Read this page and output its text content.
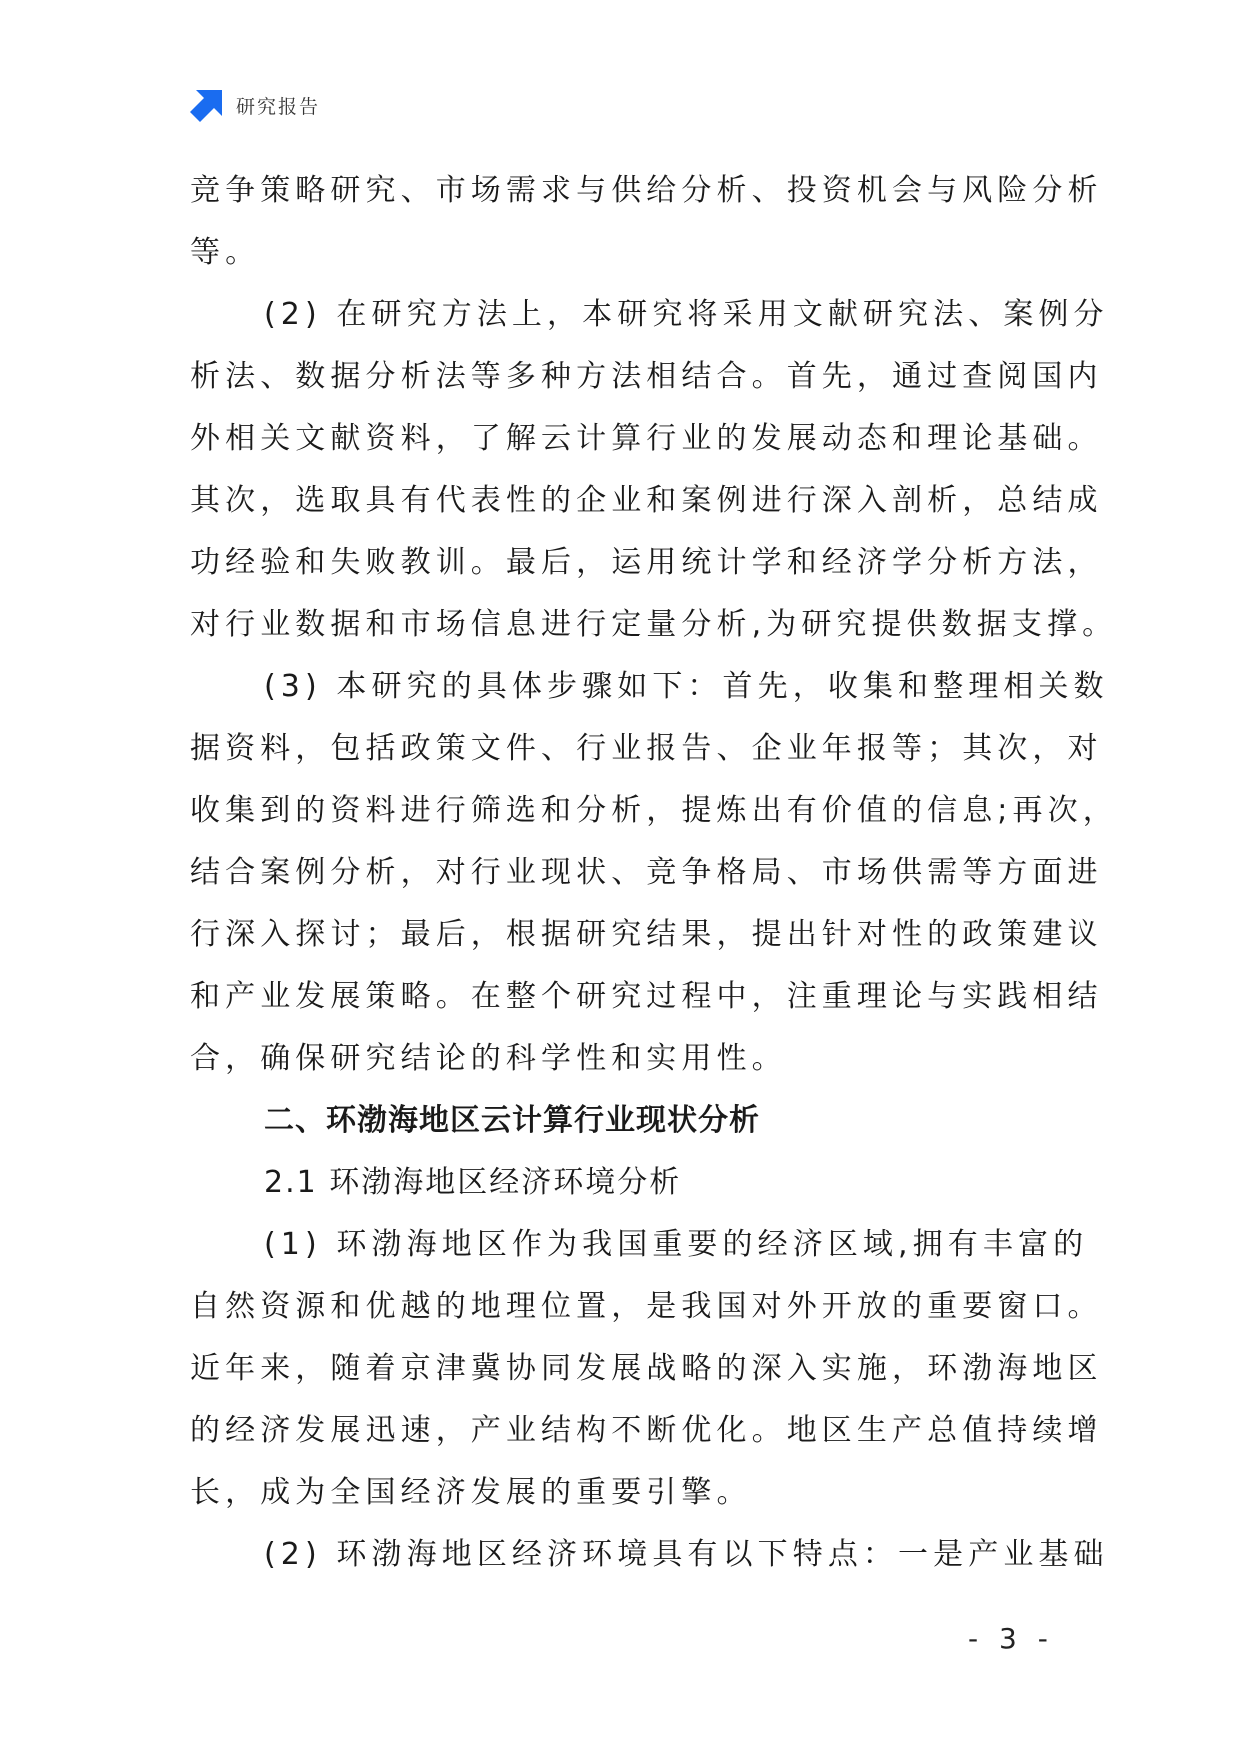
研究报告
竞争策略研究、市场需求与供给分析、投资机会与风险分析
等。
(2) 在研究方法上，本研究将采用文献研究法、案例分
析法、数据分析法等多种方法相结合。首先，通过查阅国内
外相关文献资料，了解云计算行业的发展动态和理论基础。
其次，选取具有代表性的企业和案例进行深入剖析，总结成
功经验和失败教训。最后，运用统计学和经济学分析方法，
对行业数据和市场信息进行定量分析,为研究提供数据支撑。
(3) 本研究的具体步骤如下：首先，收集和整理相关数
据资料，包括政策文件、行业报告、企业年报等；其次，对
收集到的资料进行筛选和分析，提炼出有价值的信息;再次，
结合案例分析，对行业现状、竞争格局、市场供需等方面进
行深入探讨；最后，根据研究结果，提出针对性的政策建议
和产业发展策略。在整个研究过程中，注重理论与实践相结
合，确保研究结论的科学性和实用性。
二、环渤海地区云计算行业现状分析
2.1 环渤海地区经济环境分析
(1) 环渤海地区作为我国重要的经济区域,拥有丰富的
自然资源和优越的地理位置，是我国对外开放的重要窗口。
近年来，随着京津冀协同发展战略的深入实施，环渤海地区
的经济发展迅速，产业结构不断优化。地区生产总值持续增
长，成为全国经济发展的重要引擎。
(2) 环渤海地区经济环境具有以下特点：一是产业基础
- 3 -
